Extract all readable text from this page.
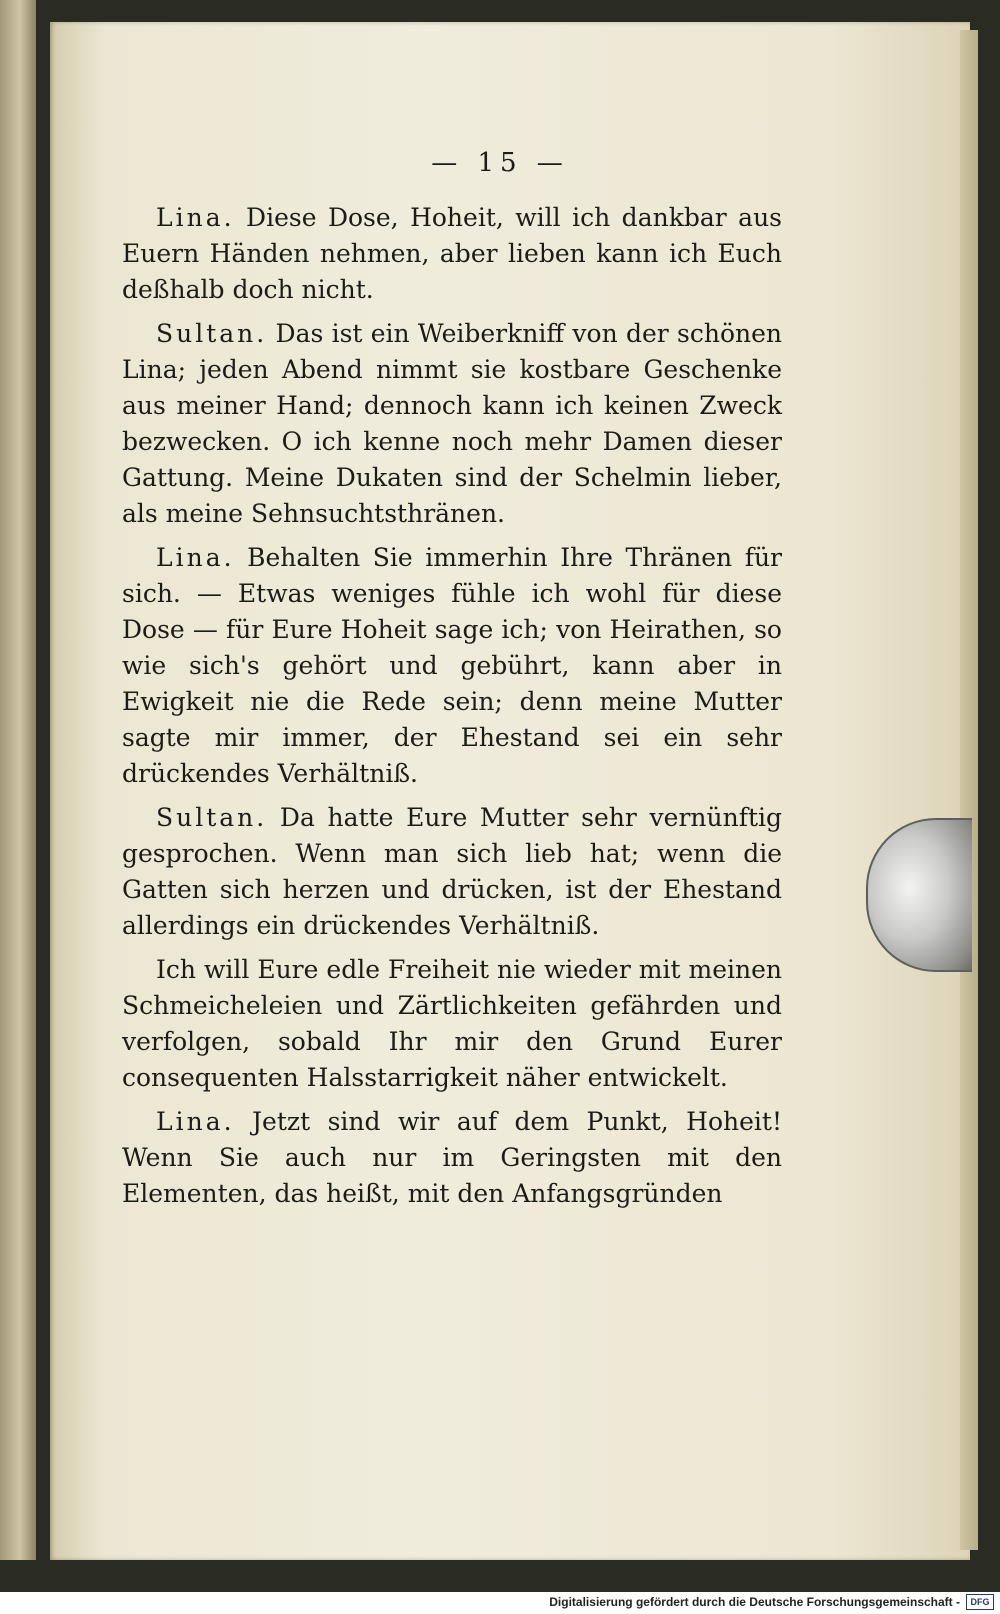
— 15 —

Lina. Diese Dose, Hoheit, will ich dankbar aus Euern Händen nehmen, aber lieben kann ich Euch deßhalb doch nicht.

Sultan. Das ist ein Weiberkniff von der schönen Lina; jeden Abend nimmt sie kostbare Geschenke aus meiner Hand; dennoch kann ich keinen Zweck bezwecken. O ich kenne noch mehr Damen dieser Gattung. Meine Dukaten sind der Schelmin lieber, als meine Sehnsuchtsthränen.

Lina. Behalten Sie immerhin Ihre Thränen für sich. — Etwas weniges fühle ich wohl für diese Dose — für Eure Hoheit sage ich; von Heirathen, so wie sich's gehört und gebührt, kann aber in Ewigkeit nie die Rede sein; denn meine Mutter sagte mir immer, der Ehestand sei ein sehr drückendes Verhältniß.

Sultan. Da hatte Eure Mutter sehr vernünftig gesprochen. Wenn man sich lieb hat; wenn die Gatten sich herzen und drücken, ist der Ehestand allerdings ein drückendes Verhältniß.

Ich will Eure edle Freiheit nie wieder mit meinen Schmeicheleien und Zärtlichkeiten gefährden und verfolgen, sobald Ihr mir den Grund Eurer consequenten Halsstarrigkeit näher entwickelt.

Lina. Jetzt sind wir auf dem Punkt, Hoheit! Wenn Sie auch nur im Geringsten mit den Elementen, das heißt, mit den Anfangsgründen

Digitalisierung gefördert durch die Deutsche Forschungsgemeinschaft -	DFG
